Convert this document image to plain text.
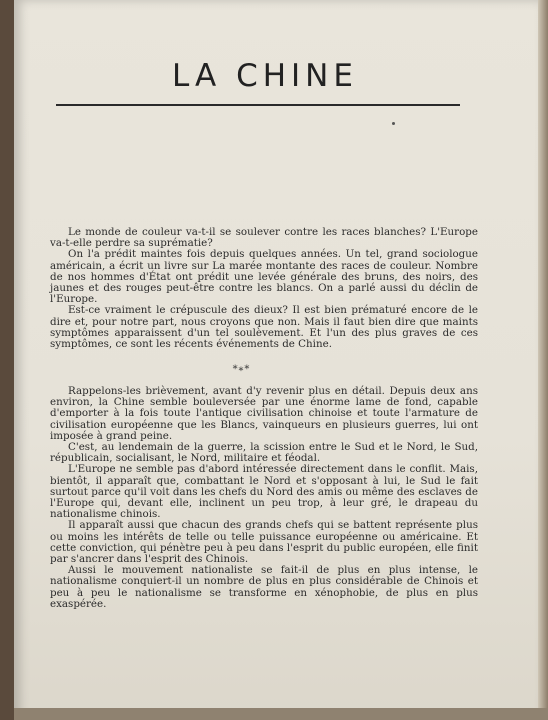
LA CHINE

Le monde de couleur va-t-il se soulever contre les races blanches? L'Europe va-t-elle perdre sa suprématie?

On l'a prédit maintes fois depuis quelques années. Un tel, grand sociologue américain, a écrit un livre sur La marée montante des races de couleur. Nombre de nos hommes d'État ont prédit une levée générale des bruns, des noirs, des jaunes et des rouges peut-être contre les blancs. On a parlé aussi du déclin de l'Europe.

Est-ce vraiment le crépuscule des dieux? Il est bien prématuré encore de le dire et, pour notre part, nous croyons que non. Mais il faut bien dire que maints symptômes apparaissent d'un tel soulèvement. Et l'un des plus graves de ces symptômes, ce sont les récents événements de Chine.

*∗*

Rappelons-les brièvement, avant d'y revenir plus en détail. Depuis deux ans environ, la Chine semble bouleversée par une énorme lame de fond, capable d'emporter à la fois toute l'antique civilisation chinoise et toute l'armature de civilisation européenne que les Blancs, vainqueurs en plusieurs guerres, lui ont imposée à grand peine.

C'est, au lendemain de la guerre, la scission entre le Sud et le Nord, le Sud, républicain, socialisant, le Nord, militaire et féodal.

L'Europe ne semble pas d'abord intéressée directement dans le conflit. Mais, bientôt, il apparaît que, combattant le Nord et s'opposant à lui, le Sud le fait surtout parce qu'il voit dans les chefs du Nord des amis ou même des esclaves de l'Europe qui, devant elle, inclinent un peu trop, à leur gré, le drapeau du nationalisme chinois.

Il apparaît aussi que chacun des grands chefs qui se battent représente plus ou moins les intérêts de telle ou telle puissance européenne ou américaine. Et cette conviction, qui pénètre peu à peu dans l'esprit du public européen, elle finit par s'ancrer dans l'esprit des Chinois.

Aussi le mouvement nationaliste se fait-il de plus en plus intense, le nationalisme conquiert-il un nombre de plus en plus considérable de Chinois et peu à peu le nationalisme se transforme en xénophobie, de plus en plus exaspérée.
